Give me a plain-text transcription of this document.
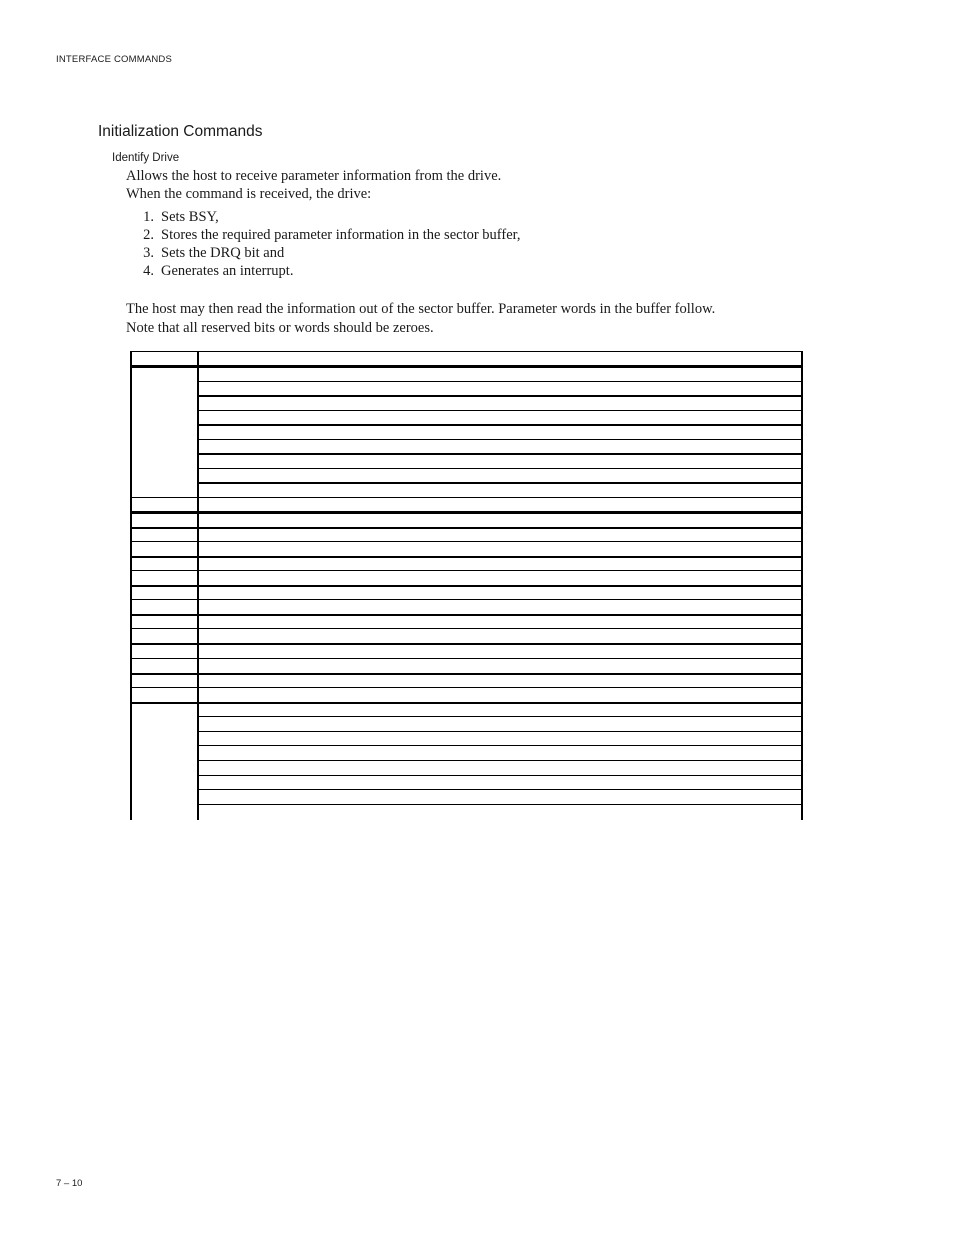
INTERFACE COMMANDS
Initialization Commands
Identify Drive

Allows the host to receive parameter information from the drive.

When the command is received, the drive:

1. Sets BSY,
2. Stores the required parameter information in the sector buffer,
3. Sets the DRQ bit and
4. Generates an interrupt.

The host may then read the information out of the sector buffer. Parameter words in the buffer follow.

Note that all reserved bits or words should be zeroes.

7 – 10
